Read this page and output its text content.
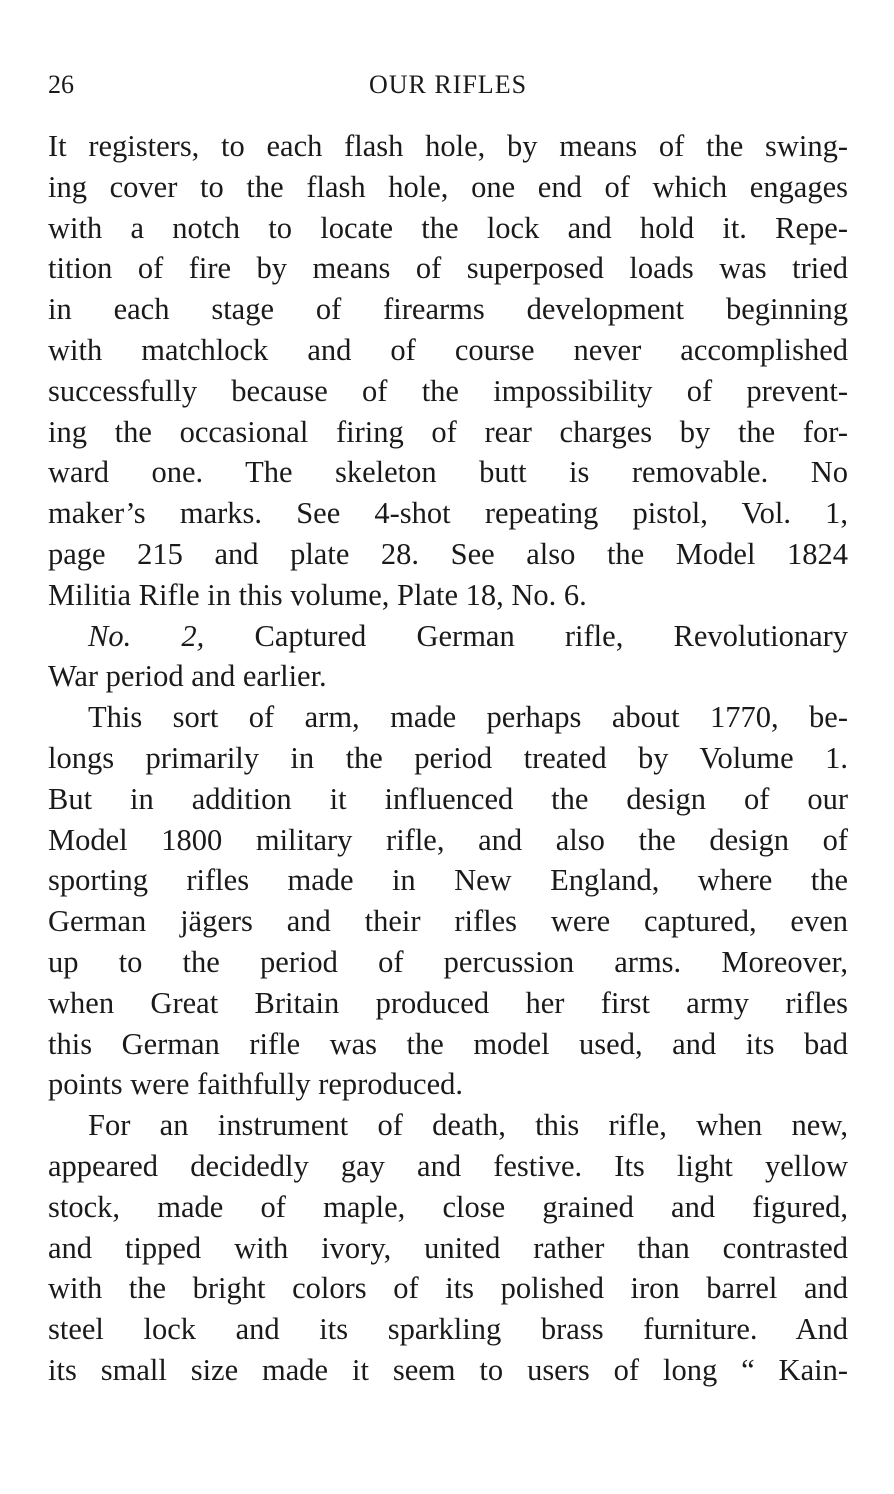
26	OUR RIFLES
It registers, to each flash hole, by means of the swing-
ing cover to the flash hole, one end of which engages
with a notch to locate the lock and hold it. Repe-
tition of fire by means of superposed loads was tried
in each stage of firearms development beginning
with matchlock and of course never accomplished
successfully because of the impossibility of prevent-
ing the occasional firing of rear charges by the for-
ward one. The skeleton butt is removable. No
maker’s marks. See 4-shot repeating pistol, Vol. 1,
page 215 and plate 28. See also the Model 1824
Militia Rifle in this volume, Plate 18, No. 6.
No. 2, Captured German rifle, Revolutionary
War period and earlier.
This sort of arm, made perhaps about 1770, be-
longs primarily in the period treated by Volume 1.
But in addition it influenced the design of our
Model 1800 military rifle, and also the design of
sporting rifles made in New England, where the
German jägers and their rifles were captured, even
up to the period of percussion arms. Moreover,
when Great Britain produced her first army rifles
this German rifle was the model used, and its bad
points were faithfully reproduced.
For an instrument of death, this rifle, when new,
appeared decidedly gay and festive. Its light yellow
stock, made of maple, close grained and figured,
and tipped with ivory, united rather than contrasted
with the bright colors of its polished iron barrel and
steel lock and its sparkling brass furniture. And
its small size made it seem to users of long “ Kain-
